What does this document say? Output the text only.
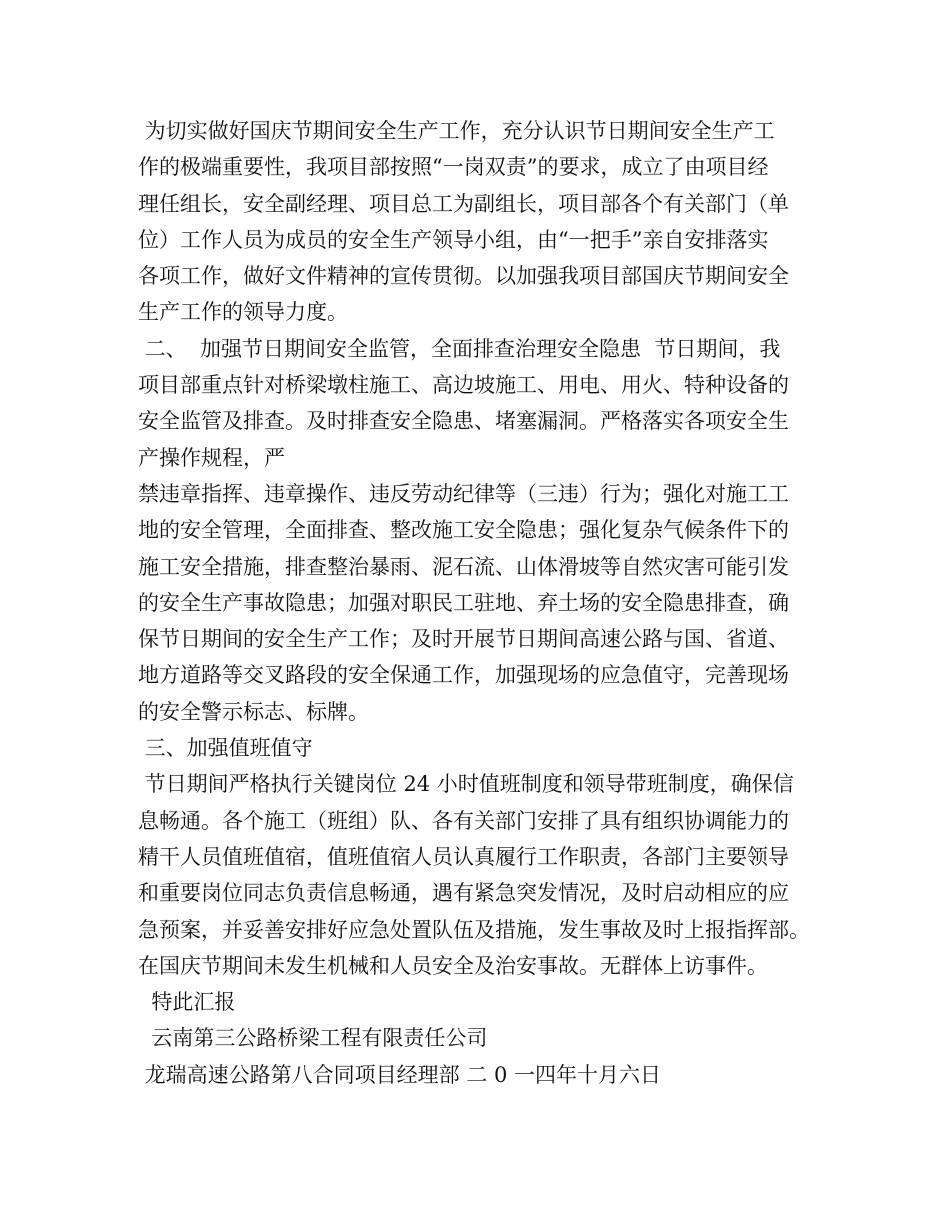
为切实做好国庆节期间安全生产工作，充分认识节日期间安全生产工
作的极端重要性，我项目部按照“一岗双责”的要求，成立了由项目经
理任组长，安全副经理、项目总工为副组长，项目部各个有关部门（单
位）工作人员为成员的安全生产领导小组，由“一把手”亲自安排落实
各项工作，做好文件精神的宣传贯彻。以加强我项目部国庆节期间安全
生产工作的领导力度。
二、  加强节日期间安全监管，全面排查治理安全隐患  节日期间，我
项目部重点针对桥梁墩柱施工、高边坡施工、用电、用火、特种设备的
安全监管及排查。及时排查安全隐患、堵塞漏洞。严格落实各项安全生
产操作规程，严
禁违章指挥、违章操作、违反劳动纪律等（三违）行为；强化对施工工
地的安全管理，全面排查、整改施工安全隐患；强化复杂气候条件下的
施工安全措施，排查整治暴雨、泥石流、山体滑坡等自然灾害可能引发
的安全生产事故隐患；加强对职民工驻地、弃土场的安全隐患排查，确
保节日期间的安全生产工作；及时开展节日期间高速公路与国、省道、
地方道路等交叉路段的安全保通工作，加强现场的应急值守，完善现场
的安全警示标志、标牌。
三、加强值班值守
节日期间严格执行关键岗位 24 小时值班制度和领导带班制度，确保信
息畅通。各个施工（班组）队、各有关部门安排了具有组织协调能力的
精干人员值班值宿，值班值宿人员认真履行工作职责，各部门主要领导
和重要岗位同志负责信息畅通，遇有紧急突发情况，及时启动相应的应
急预案，并妥善安排好应急处置队伍及措施，发生事故及时上报指挥部。
在国庆节期间未发生机械和人员安全及治安事故。无群体上访事件。
特此汇报
云南第三公路桥梁工程有限责任公司
龙瑞高速公路第八合同项目经理部 二 0 一四年十月六日
